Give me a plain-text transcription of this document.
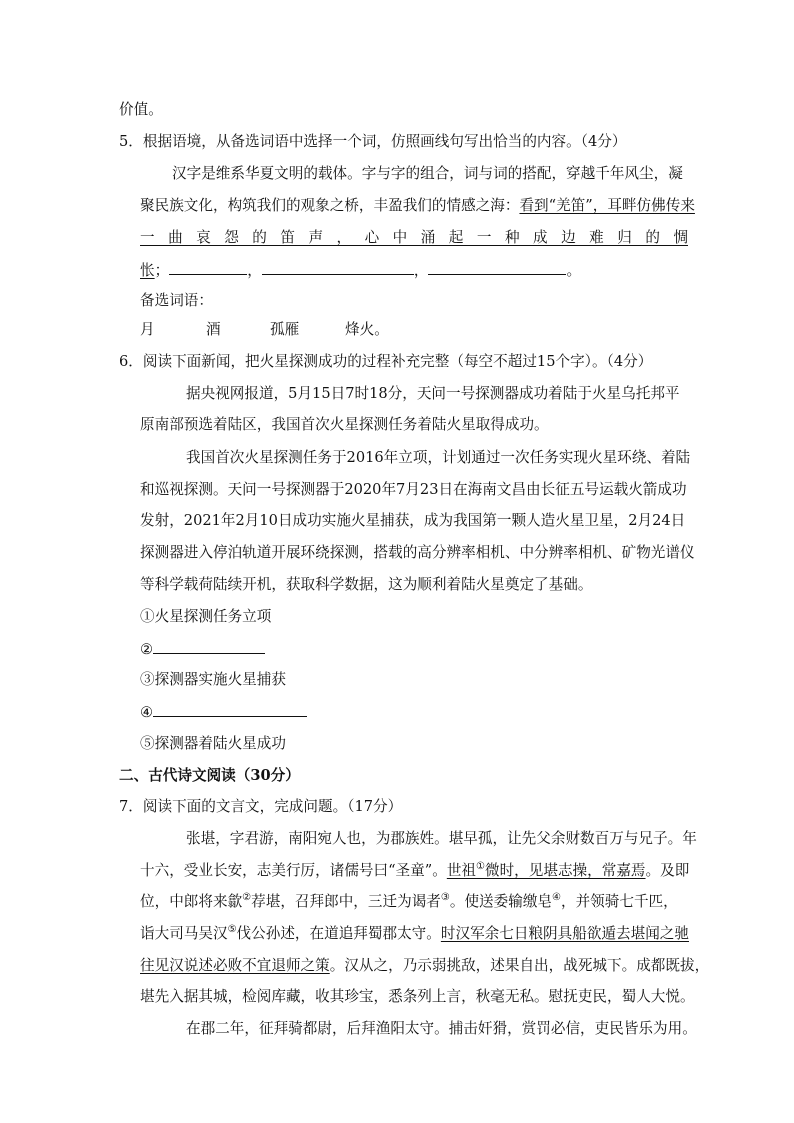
价值。
5．根据语境，从备选词语中选择一个词，仿照画线句写出恰当的内容。（4分）
汉字是维系华夏文明的载体。字与字的组合，词与词的搭配，穿越千年风尘，凝
聚民族文化，构筑我们的观象之桥，丰盈我们的情感之海：看到“羌笛”，耳畔仿佛传来
一曲哀怨的笛声，心中涌起一种成边难归的惆
怅；	，	，	。
备选词语：
月	酒	孤雁	烽火。
6．阅读下面新闻，把火星探测成功的过程补充完整（每空不超过15个字）。（4分）
据央视网报道，5月15日7时18分，天问一号探测器成功着陆于火星乌托邦平
原南部预选着陆区，我国首次火星探测任务着陆火星取得成功。
我国首次火星探测任务于2016年立项，计划通过一次任务实现火星环绕、着陆
和巡视探测。天问一号探测器于2020年7月23日在海南文昌由长征五号运载火箭成功
发射，2021年2月10日成功实施火星捕获，成为我国第一颗人造火星卫星，2月24日
探测器进入停泊轨道开展环绕探测，搭载的高分辨率相机、中分辨率相机、矿物光谱仪
等科学载荷陆续开机，获取科学数据，这为顺利着陆火星奠定了基础。
①火星探测任务立项
②
③探测器实施火星捕获
④
⑤探测器着陆火星成功
二、古代诗文阅读（30分）
7．阅读下面的文言文，完成问题。（17分）
张堪，字君游，南阳宛人也，为郡族姓。堪早孤，让先父余财数百万与兄子。年
十六，受业长安，志美行厉，诸儒号曰“圣童”。世祖①微时，见堪志操，常嘉焉。及即
位，中郎将来歙②荐堪，召拜郎中，三迁为谒者③。使送委输缴皂④，并领骑七千匹，
诣大司马吴汉⑤伐公孙述，在道追拜蜀郡太守。时汉军余七日粮阴具船欲遁去堪闻之驰
往见汉说述必败不宜退师之策。汉从之，乃示弱挑敌，述果自出，战死城下。成都既拔，
堪先入据其城，检阅库藏，收其珍宝，悉条列上言，秋毫无私。慰抚吏民，蜀人大悦。
在郡二年，征拜骑都尉，后拜渔阳太守。捕击奸猾，赏罚必信，吏民皆乐为用。
